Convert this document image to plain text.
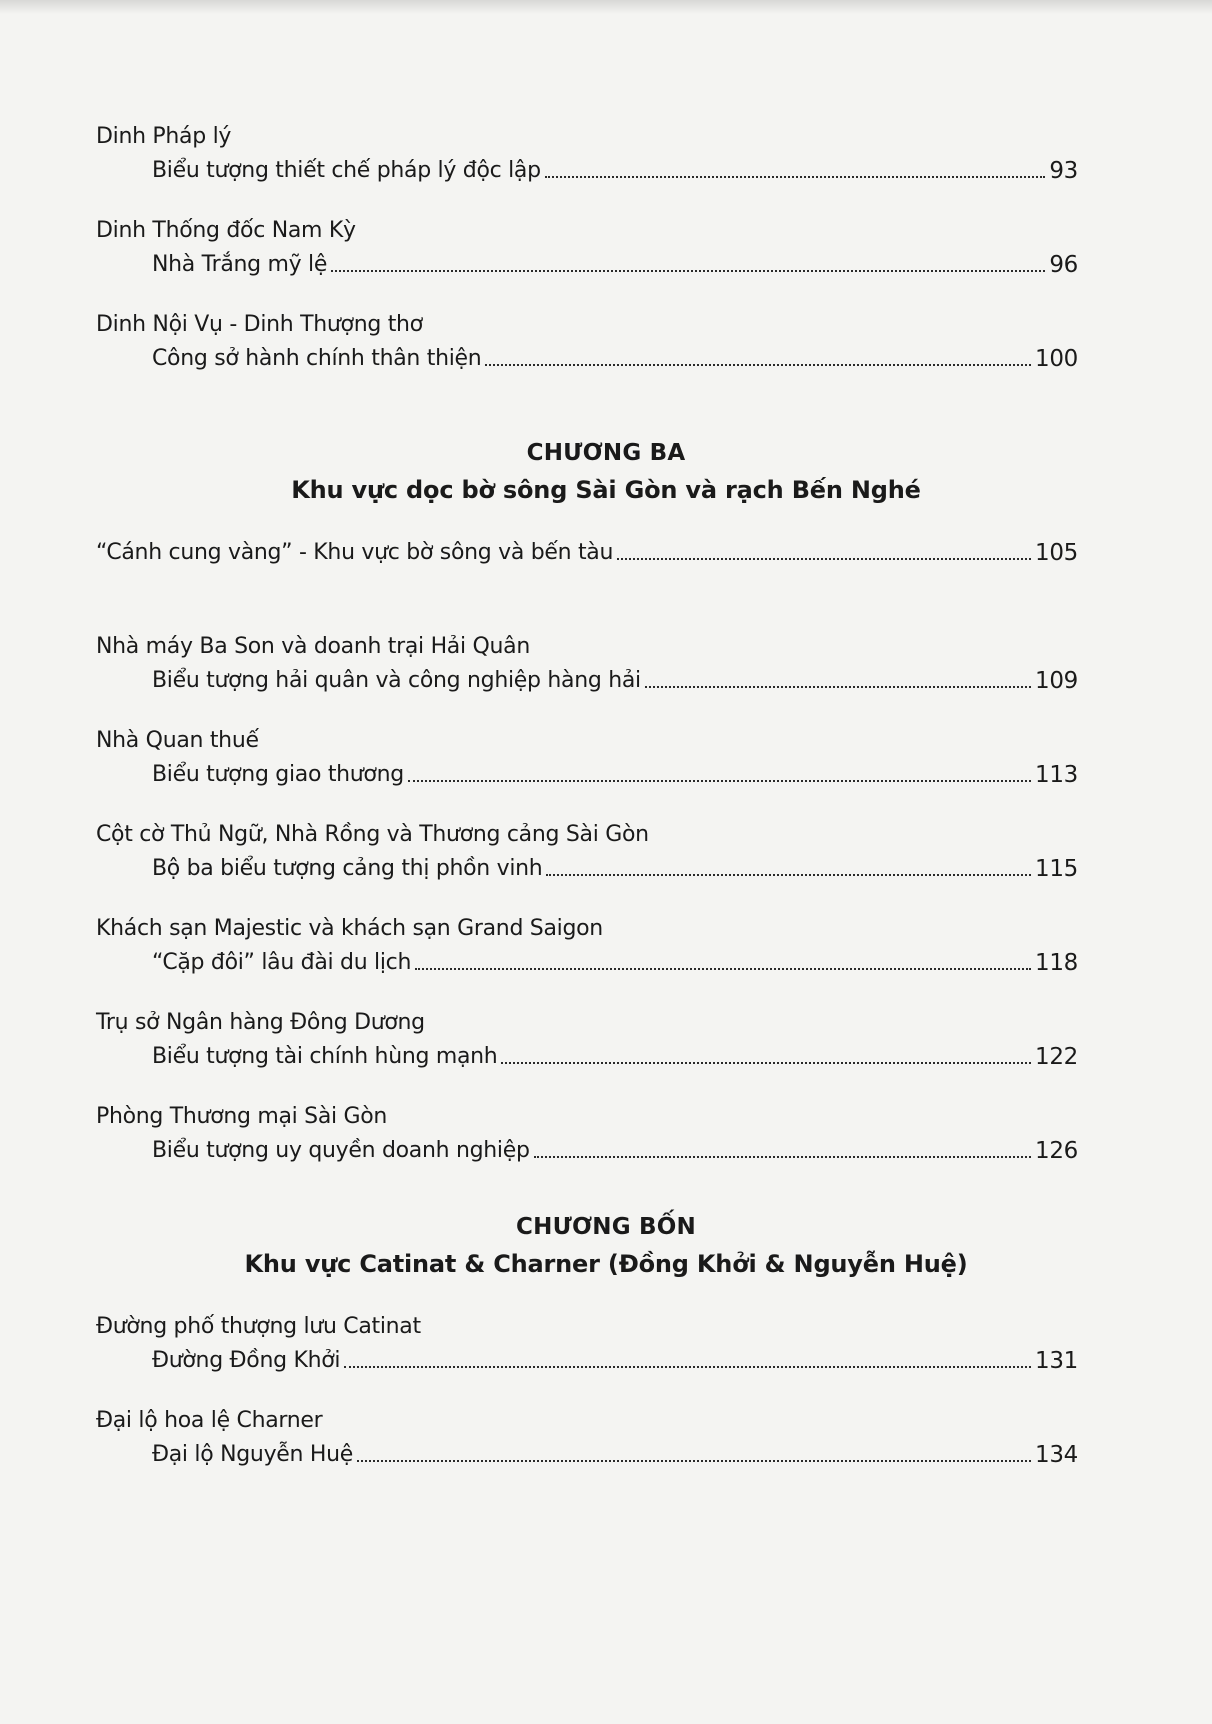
Dinh Pháp lý
Biểu tượng thiết chế pháp lý độc lập	93
Dinh Thống đốc Nam Kỳ
Nhà Trắng mỹ lệ	96
Dinh Nội Vụ - Dinh Thượng thơ
Công sở hành chính thân thiện	100
CHƯƠNG BA
Khu vực dọc bờ sông Sài Gòn và rạch Bến Nghé
“Cánh cung vàng” - Khu vực bờ sông và bến tàu	105
Nhà máy Ba Son và doanh trại Hải Quân
Biểu tượng hải quân và công nghiệp hàng hải	109
Nhà Quan thuế
Biểu tượng giao thương	113
Cột cờ Thủ Ngữ, Nhà Rồng và Thương cảng Sài Gòn
Bộ ba biểu tượng cảng thị phồn vinh	115
Khách sạn Majestic và khách sạn Grand Saigon
“Cặp đôi” lâu đài du lịch	118
Trụ sở Ngân hàng Đông Dương
Biểu tượng tài chính hùng mạnh	122
Phòng Thương mại Sài Gòn
Biểu tượng uy quyền doanh nghiệp	126
CHƯƠNG BỐN
Khu vực Catinat & Charner (Đồng Khởi & Nguyễn Huệ)
Đường phố thượng lưu Catinat
Đường Đồng Khởi	131
Đại lộ hoa lệ Charner
Đại lộ Nguyễn Huệ	134
